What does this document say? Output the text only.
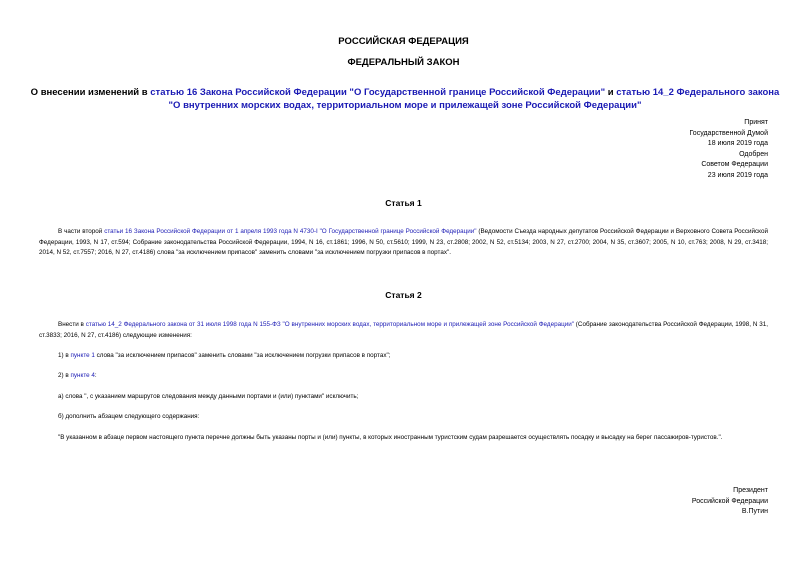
РОССИЙСКАЯ ФЕДЕРАЦИЯ
ФЕДЕРАЛЬНЫЙ ЗАКОН
О внесении изменений в статью 16 Закона Российской Федерации "О Государственной границе Российской Федерации" и статью 14_2 Федерального закона "О внутренних морских водах, территориальном море и прилежащей зоне Российской Федерации"
Принят
Государственной Думой
18 июля 2019 года
Одобрен
Советом Федерации
23 июля 2019 года
Статья 1
В части второй статьи 16 Закона Российской Федерации от 1 апреля 1993 года N 4730-I "О Государственной границе Российской Федерации" (Ведомости Съезда народных депутатов Российской Федерации и Верховного Совета Российской Федерации, 1993, N 17, ст.594; Собрание законодательства Российской Федерации, 1994, N 16, ст.1861; 1996, N 50, ст.5610; 1999, N 23, ст.2808; 2002, N 52, ст.5134; 2003, N 27, ст.2700; 2004, N 35, ст.3607; 2005, N 10, ст.763; 2008, N 29, ст.3418; 2014, N 52, ст.7557; 2016, N 27, ст.4186) слова "за исключением припасов" заменить словами "за исключением погрузки припасов в портах".
Статья 2
Внести в статью 14_2 Федерального закона от 31 июля 1998 года N 155-ФЗ "О внутренних морских водах, территориальном море и прилежащей зоне Российской Федерации" (Собрание законодательства Российской Федерации, 1998, N 31, ст.3833; 2016, N 27, ст.4186) следующие изменения:
1) в пункте 1 слова "за исключением припасов" заменить словами "за исключением погрузки припасов в портах";
2) в пункте 4:
а) слова ", с указанием маршрутов следования между данными портами и (или) пунктами" исключить;
б) дополнить абзацем следующего содержания:
"В указанном в абзаце первом настоящего пункта перечне должны быть указаны порты и (или) пункты, в которых иностранным туристским судам разрешается осуществлять посадку и высадку на берег пассажиров-туристов.".
Президент
Российской Федерации
В.Путин
